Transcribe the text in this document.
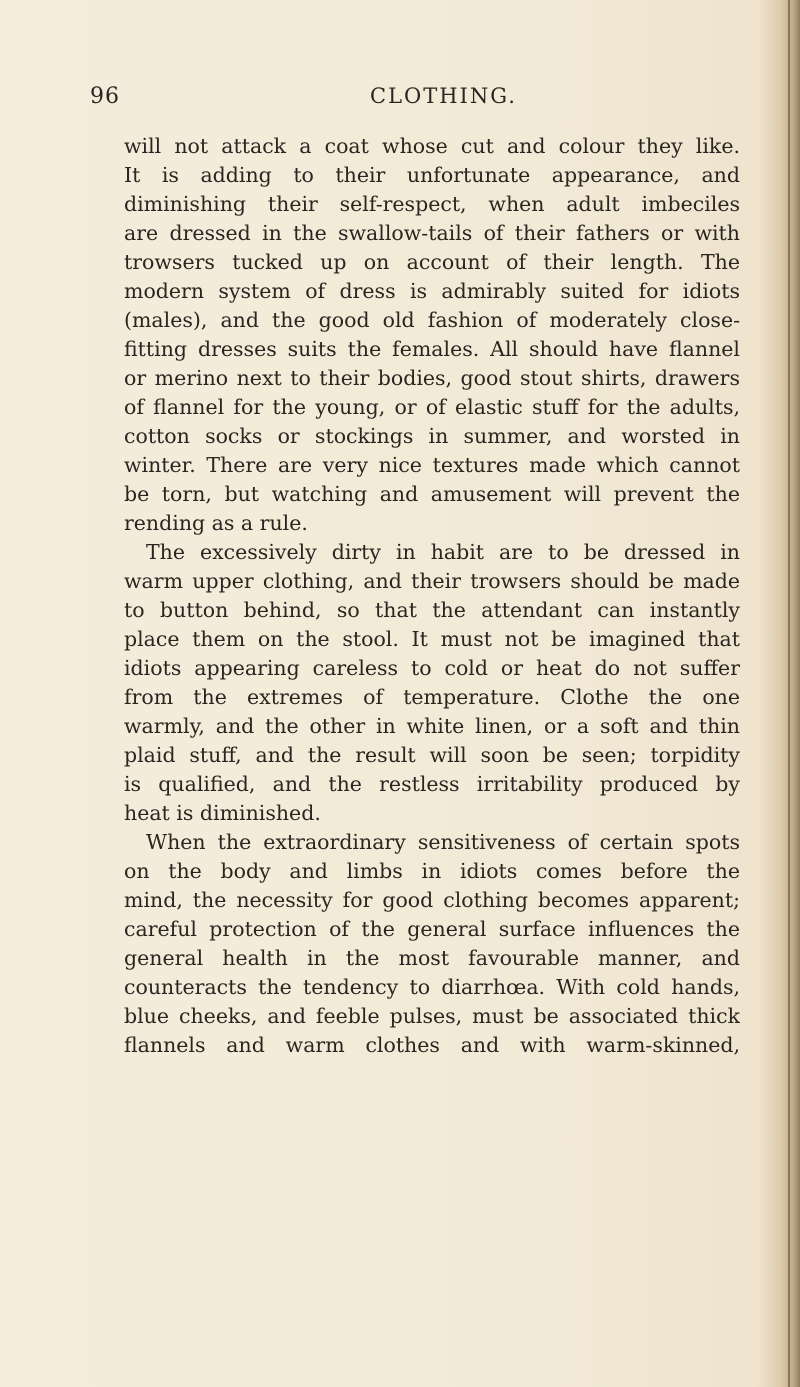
96	CLOTHING.
will not attack a coat whose cut and colour they like.
It is adding to their unfortunate appearance, and
diminishing their self-respect, when adult imbeciles
are dressed in the swallow-tails of their fathers or with
trowsers tucked up on account of their length. The
modern system of dress is admirably suited for idiots
(males), and the good old fashion of moderately close-
fitting dresses suits the females. All should have flannel
or merino next to their bodies, good stout shirts, drawers
of flannel for the young, or of elastic stuff for the adults,
cotton socks or stockings in summer, and worsted in
winter. There are very nice textures made which cannot
be torn, but watching and amusement will prevent the
rending as a rule.
The excessively dirty in habit are to be dressed in
warm upper clothing, and their trowsers should be made
to button behind, so that the attendant can instantly
place them on the stool. It must not be imagined that
idiots appearing careless to cold or heat do not suffer
from the extremes of temperature. Clothe the one
warmly, and the other in white linen, or a soft and thin
plaid stuff, and the result will soon be seen; torpidity
is qualified, and the restless irritability produced by
heat is diminished.
When the extraordinary sensitiveness of certain spots
on the body and limbs in idiots comes before the
mind, the necessity for good clothing becomes apparent;
careful protection of the general surface influences the
general health in the most favourable manner, and
counteracts the tendency to diarrhœa. With cold hands,
blue cheeks, and feeble pulses, must be associated thick
flannels and warm clothes and with warm-skinned,
